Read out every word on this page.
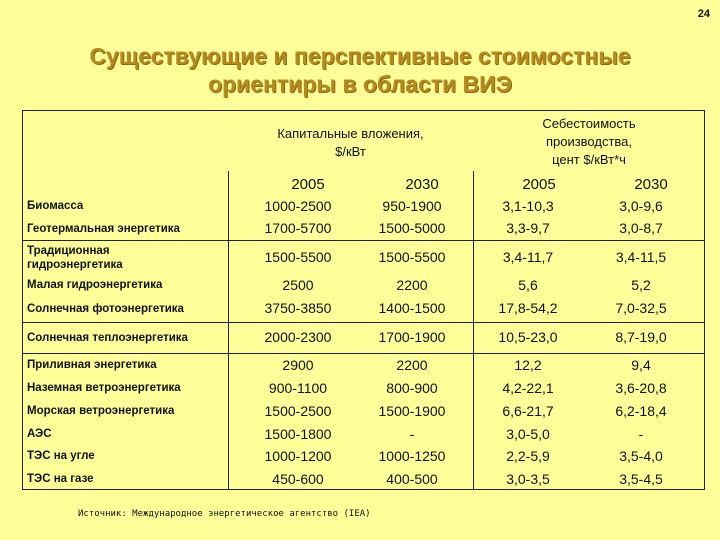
24
Существующие и перспективные стоимостные
ориентиры в области ВИЭ
Капитальные вложения,
$/кВт
Себестоимость
производства,
цент $/кВт*ч
2005	2030	2005	2030
Биомасса	1000-2500	950-1900	3,1-10,3	3,0-9,6
Геотермальная энергетика	1700-5700	1500-5000	3,3-9,7	3,0-8,7
Традиционная
гидроэнергетика	1500-5500	1500-5500	3,4-11,7	3,4-11,5
Малая гидроэнергетика	2500	2200	5,6	5,2
Солнечная фотоэнергетика	3750-3850	1400-1500	17,8-54,2	7,0-32,5
Солнечная теплоэнергетика	2000-2300	1700-1900	10,5-23,0	8,7-19,0
Приливная энергетика	2900	2200	12,2	9,4
Наземная ветроэнергетика	900-1100	800-900	4,2-22,1	3,6-20,8
Морская ветроэнергетика	1500-2500	1500-1900	6,6-21,7	6,2-18,4
АЭС	1500-1800	-	3,0-5,0	-
ТЭС на угле	1000-1200	1000-1250	2,2-5,9	3,5-4,0
ТЭС на газе	450-600	400-500	3,0-3,5	3,5-4,5
Источник: Международное энергетическое агентство (IEA)
